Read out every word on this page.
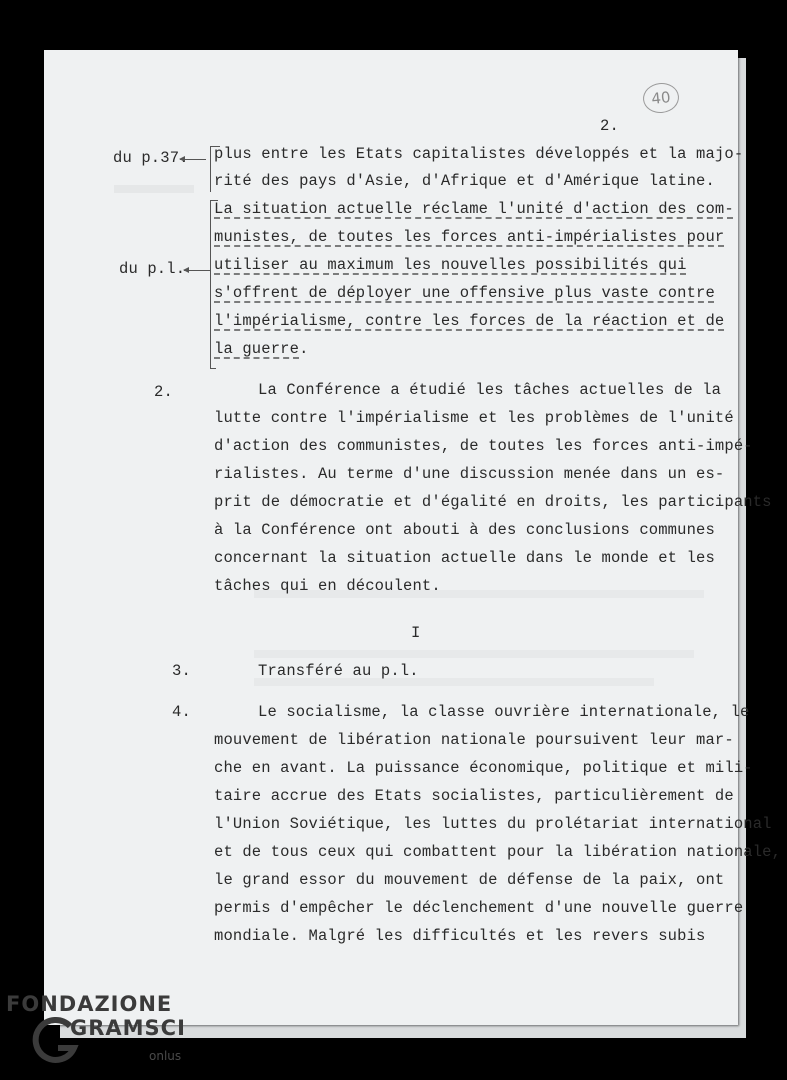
40
2.
du p.37.
du p.l.
plus entre les Etats capitalistes développés et la majo-
rité des pays d'Asie, d'Afrique et d'Amérique latine.
La situation actuelle réclame l'unité d'action des com-
munistes, de toutes les forces anti-impérialistes pour
utiliser au maximum les nouvelles possibilités qui
s'offrent de déployer une offensive plus vaste contre
l'impérialisme, contre les forces de la réaction et de
la guerre.
2.	La Conférence a étudié les tâches actuelles de la
lutte contre l'impérialisme et les problèmes de l'unité
d'action des communistes, de toutes les forces anti-impé-
rialistes. Au terme d'une discussion menée dans un es-
prit de démocratie et d'égalité en droits, les participants
à la Conférence ont abouti à des conclusions communes
concernant la situation actuelle dans le monde et les
tâches qui en découlent.
I
3.	Transféré au p.l.
4.	Le socialisme, la classe ouvrière internationale, le
mouvement de libération nationale poursuivent leur mar-
che en avant. La puissance économique, politique et mili-
taire accrue des Etats socialistes, particulièrement de
l'Union Soviétique, les luttes du prolétariat international
et de tous ceux qui combattent pour la libération nationale,
le grand essor du mouvement de défense de la paix, ont
permis d'empêcher le déclenchement d'une nouvelle guerre
mondiale. Malgré les difficultés et les revers subis
FONDAZIONE
GRAMSCI
onlus
